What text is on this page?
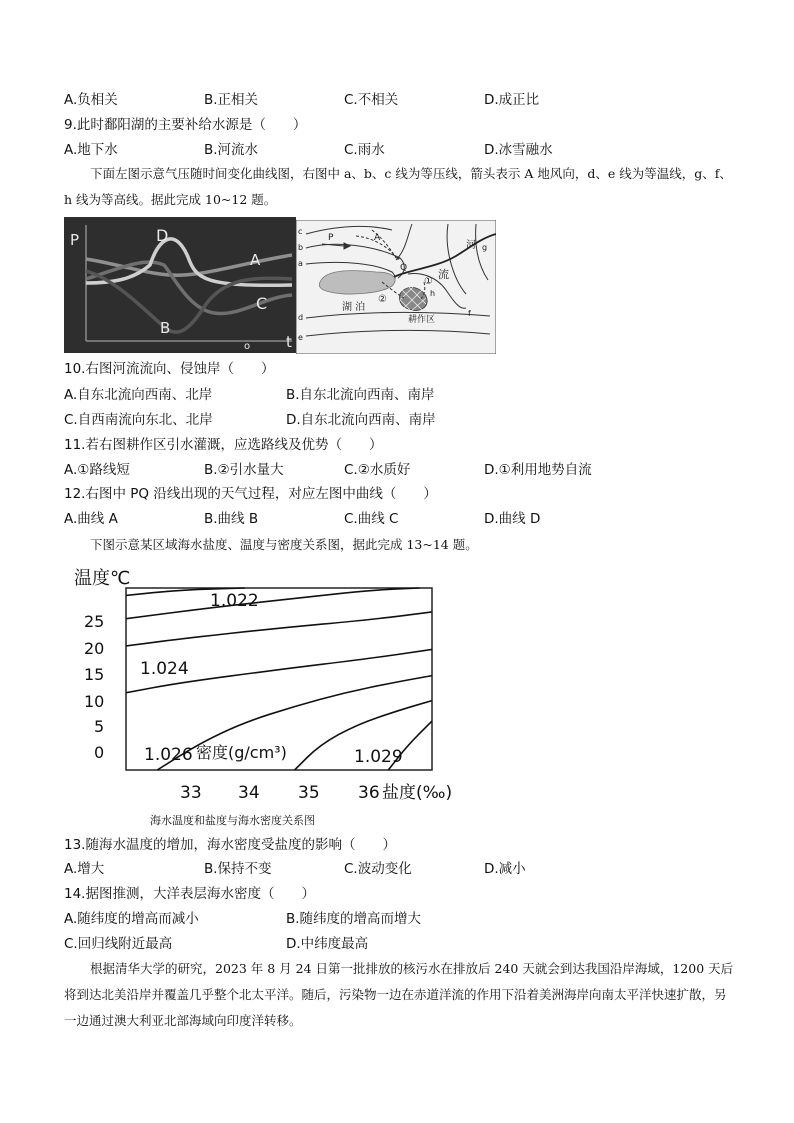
A.负相关	B.正相关	C.不相关	D.成正比
9.此时鄱阳湖的主要补给水源是（　　）
A.地下水	B.河流水	C.雨水	D.冰雪融水
下面左图示意气压随时间变化曲线图，右图中 a、b、c 线为等压线，箭头表示 A 地风向，d、e 线为等温线，g、f、h 线为等高线。据此完成 10~12 题。
P
t
o
D
A
C
B
c
b
a
d
e
g
f
h
P	A
Q
①
②
河
流
湖 泊
耕作区
10.右图河流流向、侵蚀岸（　　）
A.自东北流向西南、北岸	B.自东北流向西南、南岸
C.自西南流向东北、北岸	D.自东北流向西南、南岸
11.若右图耕作区引水灌溉，应选路线及优势（　　）
A.①路线短	B.②引水量大	C.②水质好	D.①利用地势自流
12.右图中 PQ 沿线出现的天气过程，对应左图中曲线（　　）
A.曲线 A	B.曲线 B	C.曲线 C	D.曲线 D
下图示意某区域海水盐度、温度与密度关系图，据此完成 13~14 题。
温度℃
25
20
15
10
5
0
33 34 35 36 盐度(‰)
1.022
1.024
1.026	1.029
密度(g/cm³)
海水温度和盐度与海水密度关系图
13.随海水温度的增加，海水密度受盐度的影响（　　）
A.增大	B.保持不变	C.波动变化	D.减小
14.据图推测，大洋表层海水密度（　　）
A.随纬度的增高而减小	B.随纬度的增高而增大
C.回归线附近最高	D.中纬度最高
根据清华大学的研究，2023 年 8 月 24 日第一批排放的核污水在排放后 240 天就会到达我国沿岸海域，1200 天后将到达北美沿岸并覆盖几乎整个北太平洋。随后，污染物一边在赤道洋流的作用下沿着美洲海岸向南太平洋快速扩散，另一边通过澳大利亚北部海域向印度洋转移。
